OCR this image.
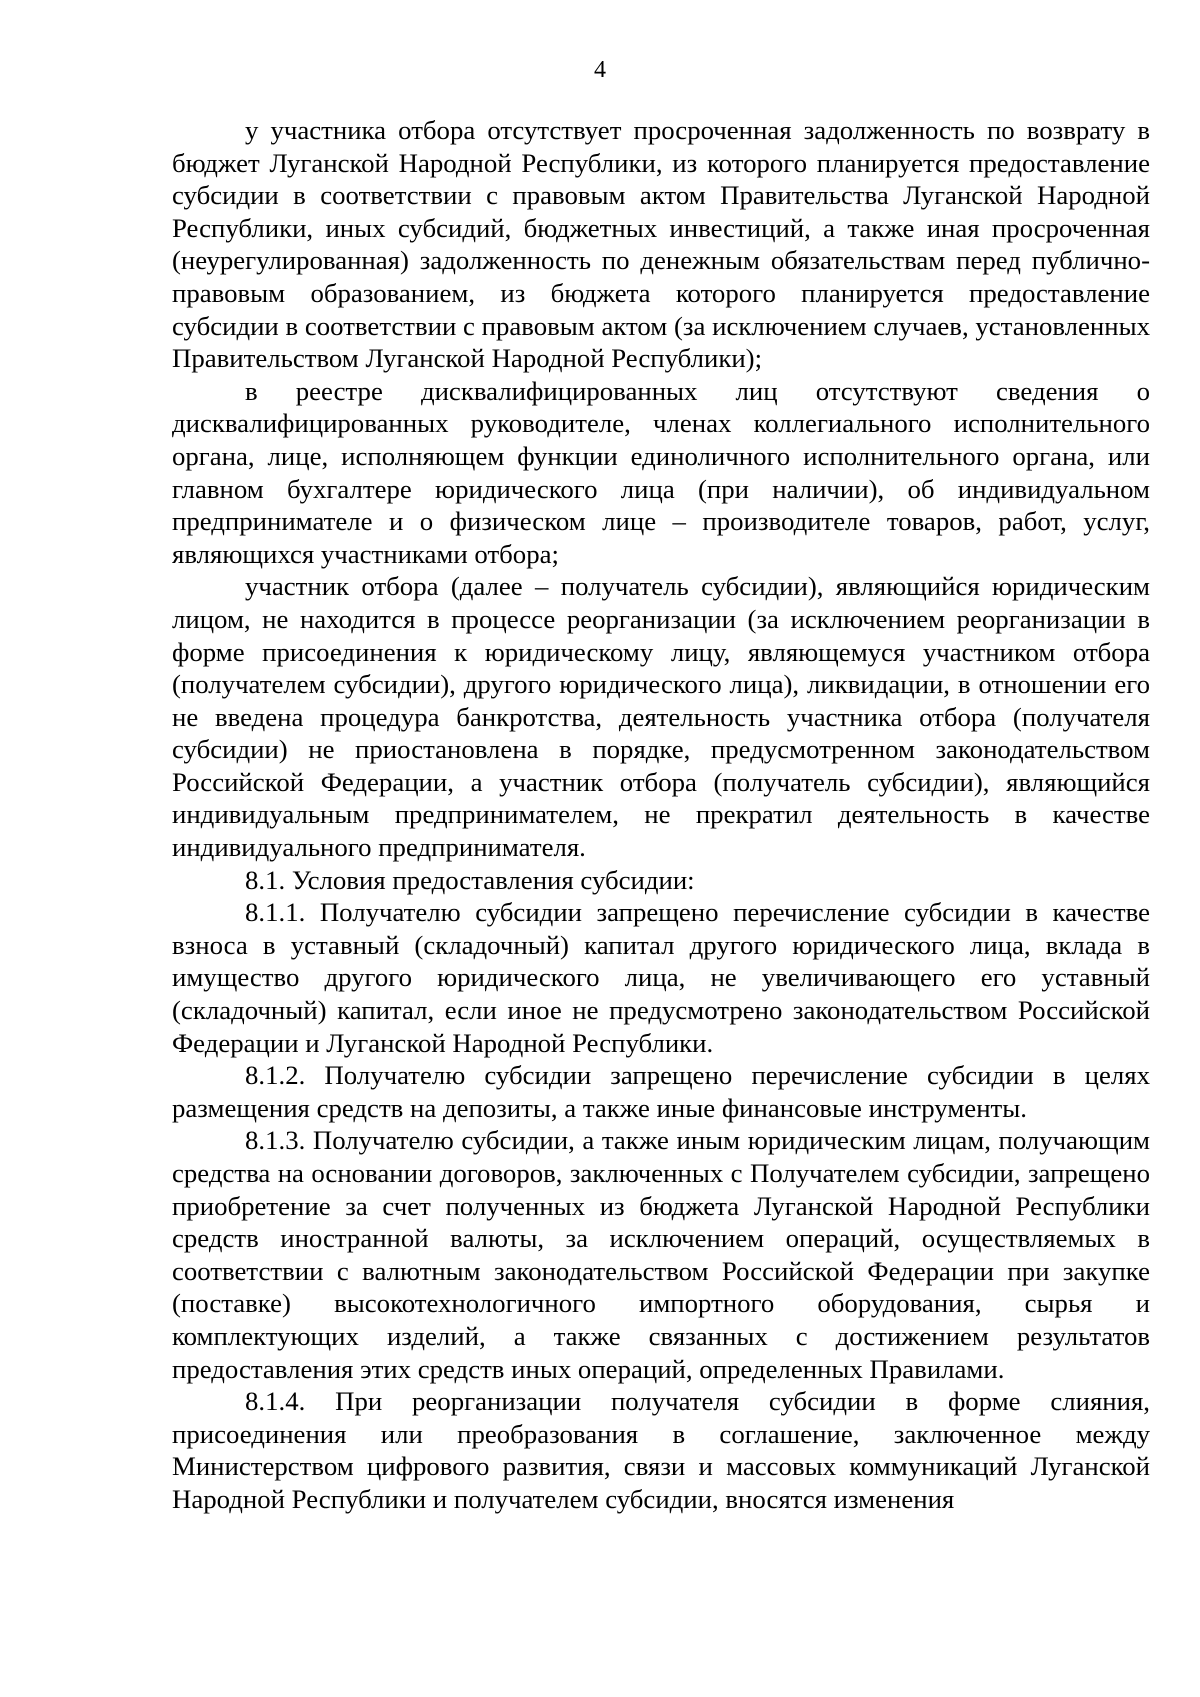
4

у участника отбора отсутствует просроченная задолженность по возврату в бюджет Луганской Народной Республики, из которого планируется предоставление субсидии в соответствии с правовым актом Правительства Луганской Народной Республики, иных субсидий, бюджетных инвестиций, а также иная просроченная (неурегулированная) задолженность по денежным обязательствам перед публично-правовым образованием, из бюджета которого планируется предоставление субсидии в соответствии с правовым актом (за исключением случаев, установленных Правительством Луганской Народной Республики);

в реестре дисквалифицированных лиц отсутствуют сведения о дисквалифицированных руководителе, членах коллегиального исполнительного органа, лице, исполняющем функции единоличного исполнительного органа, или главном бухгалтере юридического лица (при наличии), об индивидуальном предпринимателе и о физическом лице – производителе товаров, работ, услуг, являющихся участниками отбора;

участник отбора (далее – получатель субсидии), являющийся юридическим лицом, не находится в процессе реорганизации (за исключением реорганизации в форме присоединения к юридическому лицу, являющемуся участником отбора (получателем субсидии), другого юридического лица), ликвидации, в отношении его не введена процедура банкротства, деятельность участника отбора (получателя субсидии) не приостановлена в порядке, предусмотренном законодательством Российской Федерации, а участник отбора (получатель субсидии), являющийся индивидуальным предпринимателем, не прекратил деятельность в качестве индивидуального предпринимателя.

8.1. Условия предоставления субсидии:

8.1.1. Получателю субсидии запрещено перечисление субсидии в качестве взноса в уставный (складочный) капитал другого юридического лица, вклада в имущество другого юридического лица, не увеличивающего его уставный (складочный) капитал, если иное не предусмотрено законодательством Российской Федерации и Луганской Народной Республики.

8.1.2. Получателю субсидии запрещено перечисление субсидии в целях размещения средств на депозиты, а также иные финансовые инструменты.

8.1.3. Получателю субсидии, а также иным юридическим лицам, получающим средства на основании договоров, заключенных с Получателем субсидии, запрещено приобретение за счет полученных из бюджета Луганской Народной Республики средств иностранной валюты, за исключением операций, осуществляемых в соответствии с валютным законодательством Российской Федерации при закупке (поставке) высокотехнологичного импортного оборудования, сырья и комплектующих изделий, а также связанных с достижением результатов предоставления этих средств иных операций, определенных Правилами.

8.1.4. При реорганизации получателя субсидии в форме слияния, присоединения или преобразования в соглашение, заключенное между Министерством цифрового развития, связи и массовых коммуникаций Луганской Народной Республики и получателем субсидии, вносятся изменения
